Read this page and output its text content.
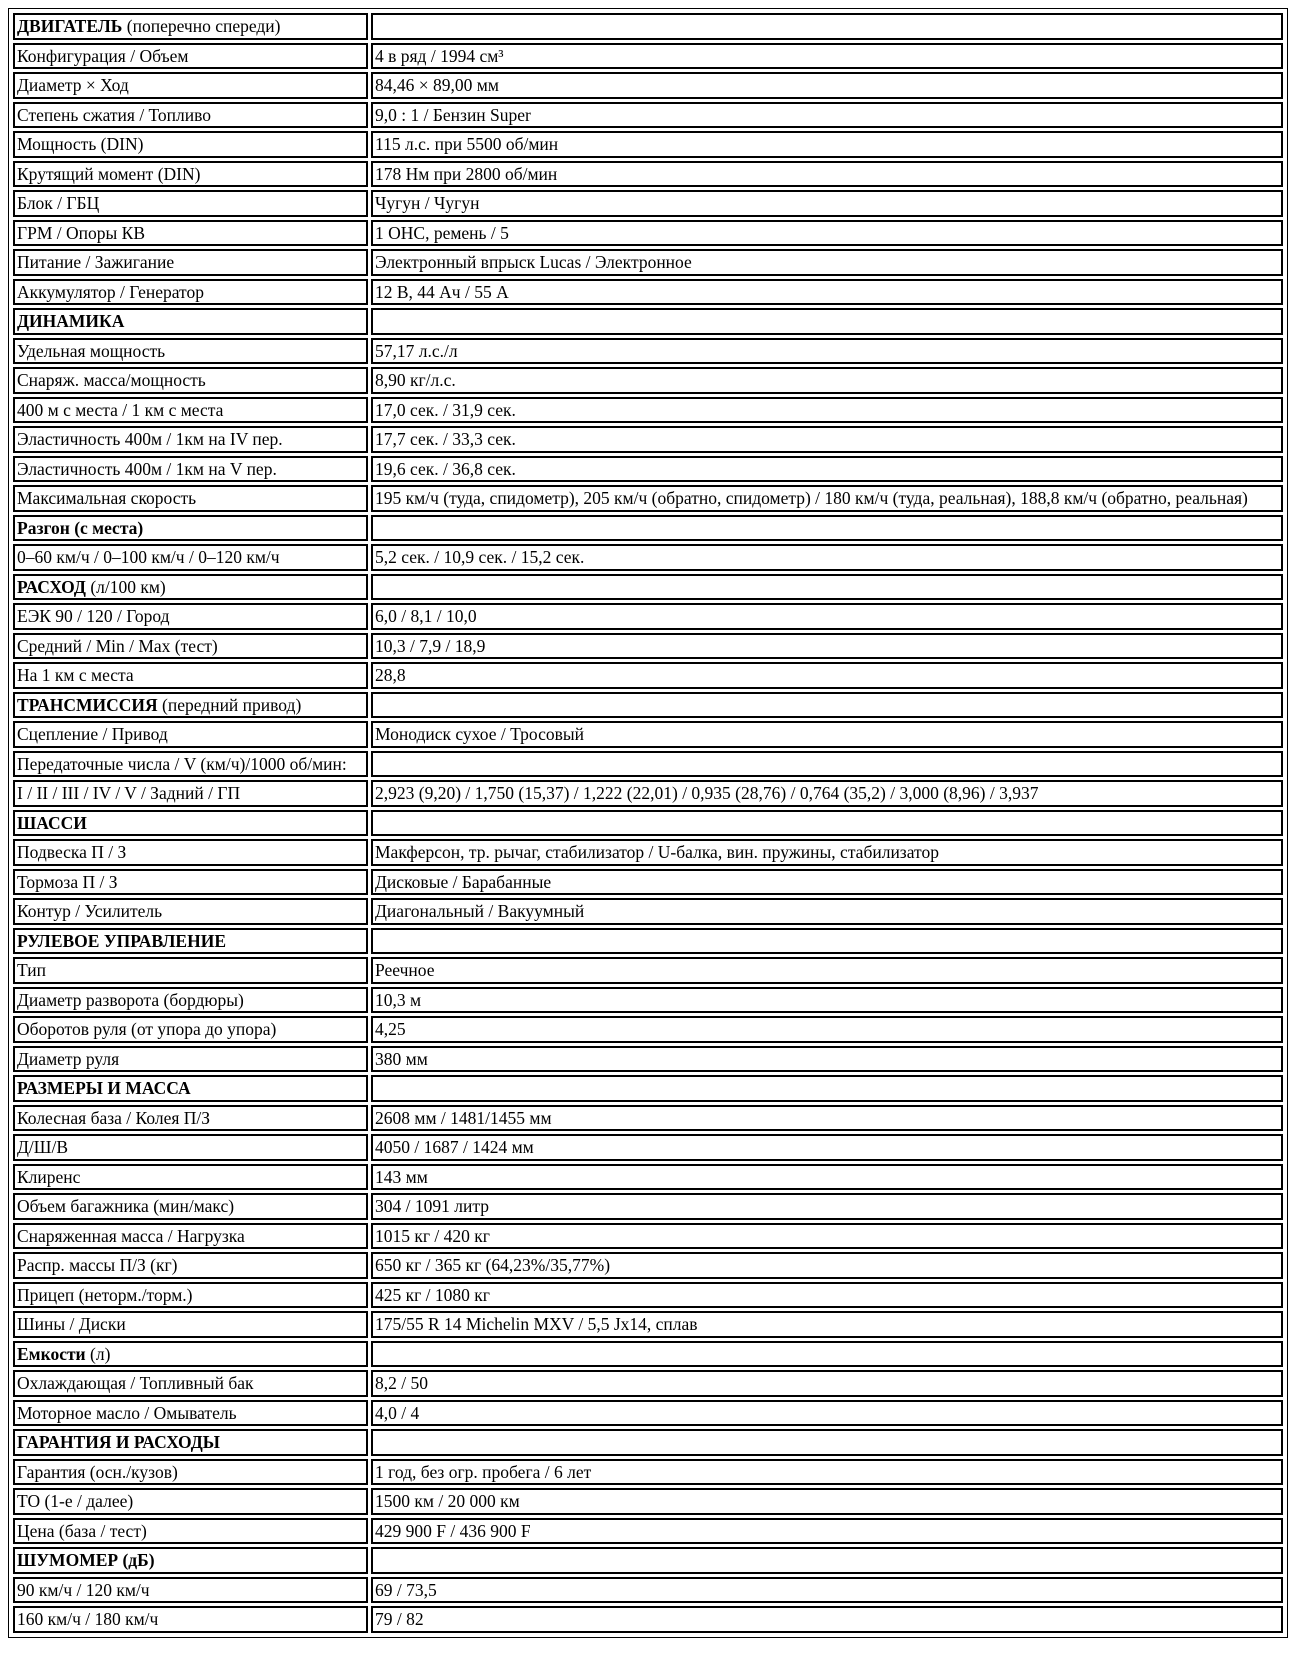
ДВИГАТЕЛЬ (поперечно спереди)	
Конфигурация / Объем	4 в ряд / 1994 см³
Диаметр × Ход	84,46 × 89,00 мм
Степень сжатия / Топливо	9,0 : 1 / Бензин Super
Мощность (DIN)	115 л.с. при 5500 об/мин
Крутящий момент (DIN)	178 Нм при 2800 об/мин
Блок / ГБЦ	Чугун / Чугун
ГРМ / Опоры КВ	1 OHC, ремень / 5
Питание / Зажигание	Электронный впрыск Lucas / Электронное
Аккумулятор / Генератор	12 В, 44 Ач / 55 А
ДИНАМИКА	
Удельная мощность	57,17 л.с./л
Снаряж. масса/мощность	8,90 кг/л.с.
400 м с места / 1 км с места	17,0 сек. / 31,9 сек.
Эластичность 400м / 1км на IV пер.	17,7 сек. / 33,3 сек.
Эластичность 400м / 1км на V пер.	19,6 сек. / 36,8 сек.
Максимальная скорость	195 км/ч (туда, спидометр), 205 км/ч (обратно, спидометр) / 180 км/ч (туда, реальная), 188,8 км/ч (обратно, реальная)
Разгон (с места)	
0–60 км/ч / 0–100 км/ч / 0–120 км/ч	5,2 сек. / 10,9 сек. / 15,2 сек.
РАСХОД (л/100 км)	
ЕЭК 90 / 120 / Город	6,0 / 8,1 / 10,0
Средний / Min / Max (тест)	10,3 / 7,9 / 18,9
На 1 км с места	28,8
ТРАНСМИССИЯ (передний привод)	
Сцепление / Привод	Монодиск сухое / Тросовый
Передаточные числа / V (км/ч)/1000 об/мин:	
I / II / III / IV / V / Задний / ГП	2,923 (9,20) / 1,750 (15,37) / 1,222 (22,01) / 0,935 (28,76) / 0,764 (35,2) / 3,000 (8,96) / 3,937
ШАССИ	
Подвеска П / З	Макферсон, тр. рычаг, стабилизатор / U-балка, вин. пружины, стабилизатор
Тормоза П / З	Дисковые / Барабанные
Контур / Усилитель	Диагональный / Вакуумный
РУЛЕВОЕ УПРАВЛЕНИЕ	
Тип	Реечное
Диаметр разворота (бордюры)	10,3 м
Оборотов руля (от упора до упора)	4,25
Диаметр руля	380 мм
РАЗМЕРЫ И МАССА	
Колесная база / Колея П/З	2608 мм / 1481/1455 мм
Д/Ш/В	4050 / 1687 / 1424 мм
Клиренс	143 мм
Объем багажника (мин/макс)	304 / 1091 литр
Снаряженная масса / Нагрузка	1015 кг / 420 кг
Распр. массы П/З (кг)	650 кг / 365 кг (64,23%/35,77%)
Прицеп (неторм./торм.)	425 кг / 1080 кг
Шины / Диски	175/55 R 14 Michelin MXV / 5,5 Jx14, сплав
Емкости (л)	
Охлаждающая / Топливный бак	8,2 / 50
Моторное масло / Омыватель	4,0 / 4
ГАРАНТИЯ И РАСХОДЫ	
Гарантия (осн./кузов)	1 год, без огр. пробега / 6 лет
ТО (1-е / далее)	1500 км / 20 000 км
Цена (база / тест)	429 900 F / 436 900 F
ШУМОМЕР (дБ)	
90 км/ч / 120 км/ч	69 / 73,5
160 км/ч / 180 км/ч	79 / 82
